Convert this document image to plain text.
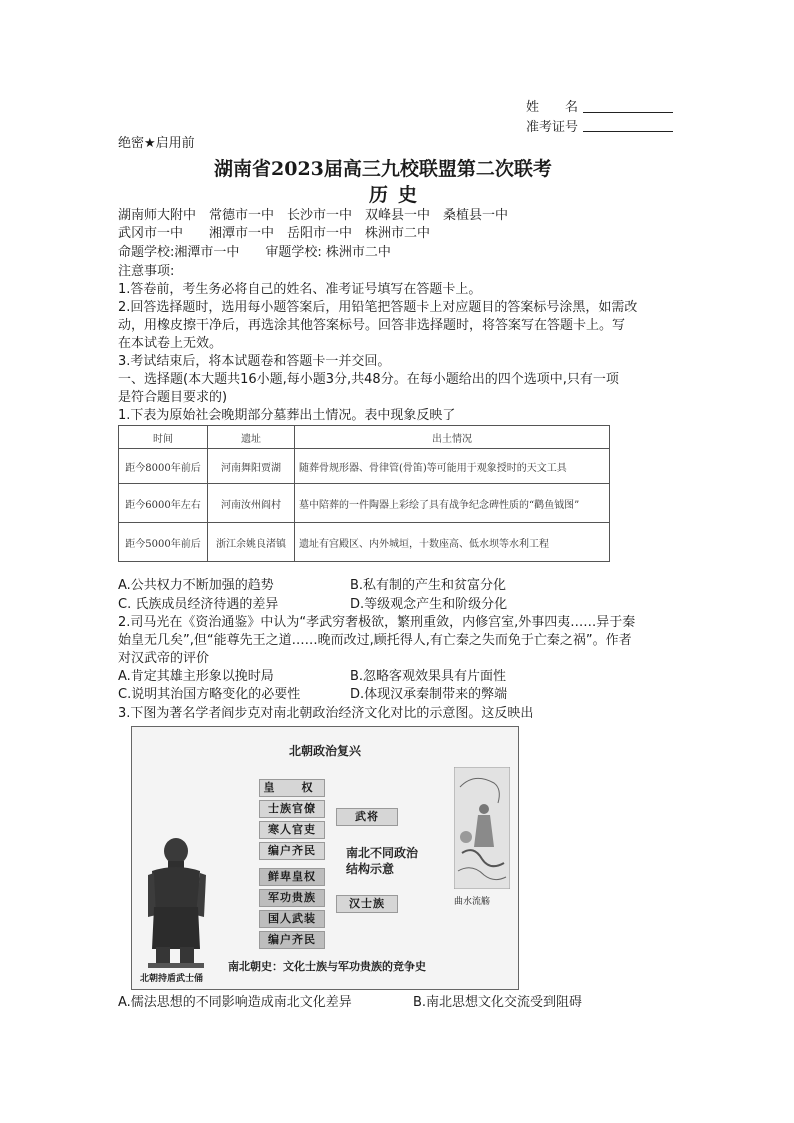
姓　　名
准考证号
绝密★启用前
湖南省2023届高三九校联盟第二次联考
历史
湖南师大附中　常德市一中　长沙市一中　双峰县一中　桑植县一中
武冈市一中　　湘潭市一中　岳阳市一中　株洲市二中
命题学校:湘潭市一中　　审题学校: 株洲市二中
注意事项:
1.答卷前，考生务必将自己的姓名、准考证号填写在答题卡上。
2.回答选择题时，选用每小题答案后，用铅笔把答题卡上对应题目的答案标号涂黑，如需改
动，用橡皮擦干净后，再选涂其他答案标号。回答非选择题时，将答案写在答题卡上。写
在本试卷上无效。
3.考试结束后，将本试题卷和答题卡一并交回。
一、选择题(本大题共16小题,每小题3分,共48分。在每小题给出的四个选项中,只有一项
是符合题目要求的)
1.下表为原始社会晚期部分墓葬出土情况。表中现象反映了
时间	遗址	出土情况
距今8000年前后	河南舞阳贾湖	随葬骨规形器、骨律管(骨笛)等可能用于观象授时的天文工具
距今6000年左右	河南汝州阎村	墓中陪葬的一件陶器上彩绘了具有战争纪念碑性质的“鹳鱼钺图”
距今5000年前后	浙江余姚良渚镇	遗址有宫殿区、内外城垣，十数座高、低水坝等水利工程
A.公共权力不断加强的趋势	B.私有制的产生和贫富分化
C. 氏族成员经济待遇的差异	D.等级观念产生和阶级分化
2.司马光在《资治通鉴》中认为“孝武穷奢极欲，繁刑重敛，内修宫室,外事四夷……异于秦
始皇无几矣”,但“能尊先王之道……晚而改过,顾托得人,有亡秦之失而免于亡秦之祸”。作者
对汉武帝的评价
A.肯定其雄主形象以挽时局	B.忽略客观效果具有片面性
C.说明其治国方略变化的必要性	D.体现汉承秦制带来的弊端
3.下图为著名学者阎步克对南北朝政治经济文化对比的示意图。这反映出
北朝政治复兴
皇　权
士族官僚
寒人官吏
编户齐民
鲜卑皇权
军功贵族
国人武装
编户齐民
武将
汉士族
南北不同政治
结构示意
曲水流觞
北朝持盾武士俑
南北朝史：文化士族与军功贵族的竞争史
A.儒法思想的不同影响造成南北文化差异	B.南北思想文化交流受到阻碍
